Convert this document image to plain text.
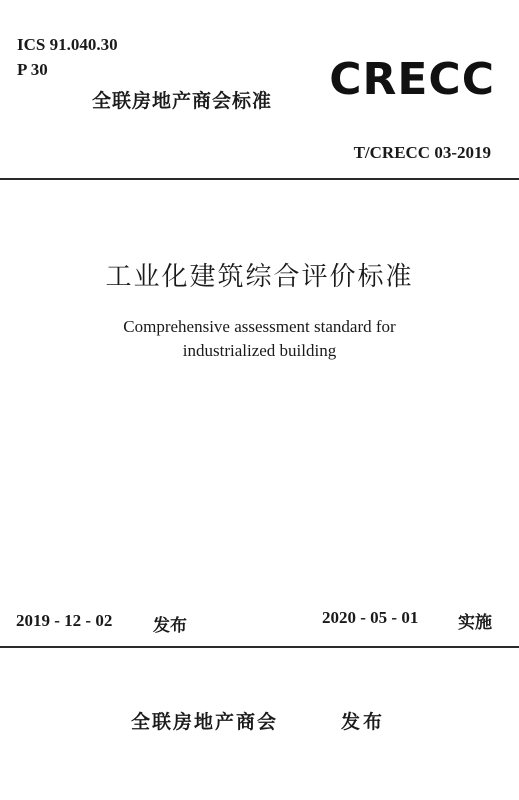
ICS 91.040.30
P 30
全联房地产商会标准 CRECC
T/CRECC 03-2019
工业化建筑综合评价标准
Comprehensive assessment standard for
industrialized building
2019 - 12 - 02 发布	2020 - 05 - 01 实施
全联房地产商会	发布
